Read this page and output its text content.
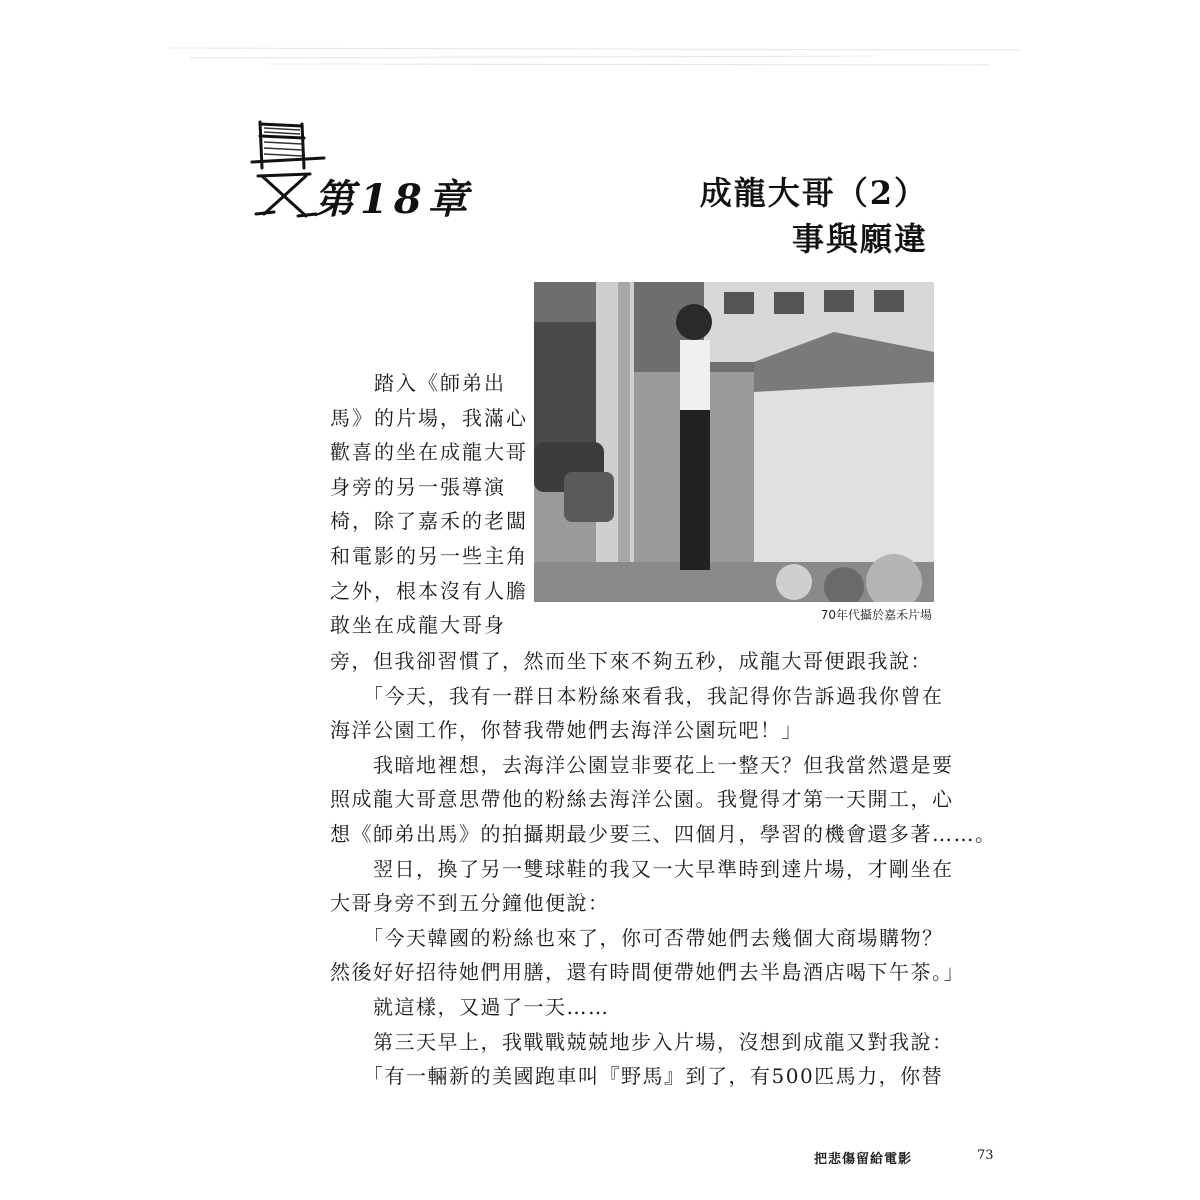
第18章	成龍大哥（2）
事與願違
70年代攝於嘉禾片場
　　踏入《師弟出
馬》的片場，我滿心
歡喜的坐在成龍大哥
身旁的另一張導演
椅，除了嘉禾的老闆
和電影的另一些主角
之外，根本沒有人膽
敢坐在成龍大哥身
旁，但我卻習慣了，然而坐下來不夠五秒，成龍大哥便跟我說：
　　「今天，我有一群日本粉絲來看我，我記得你告訴過我你曾在
海洋公園工作，你替我帶她們去海洋公園玩吧！」
　　我暗地裡想，去海洋公園豈非要花上一整天？但我當然還是要
照成龍大哥意思帶他的粉絲去海洋公園。我覺得才第一天開工，心
想《師弟出馬》的拍攝期最少要三、四個月，學習的機會還多著……。
　　翌日，換了另一雙球鞋的我又一大早準時到達片場，才剛坐在
大哥身旁不到五分鐘他便說：
　　「今天韓國的粉絲也來了，你可否帶她們去幾個大商場購物？
然後好好招待她們用膳，還有時間便帶她們去半島酒店喝下午茶。」
　　就這樣，又過了一天……
　　第三天早上，我戰戰兢兢地步入片場，沒想到成龍又對我說：
　　「有一輛新的美國跑車叫『野馬』到了，有500匹馬力，你替
把悲傷留給電影	73
